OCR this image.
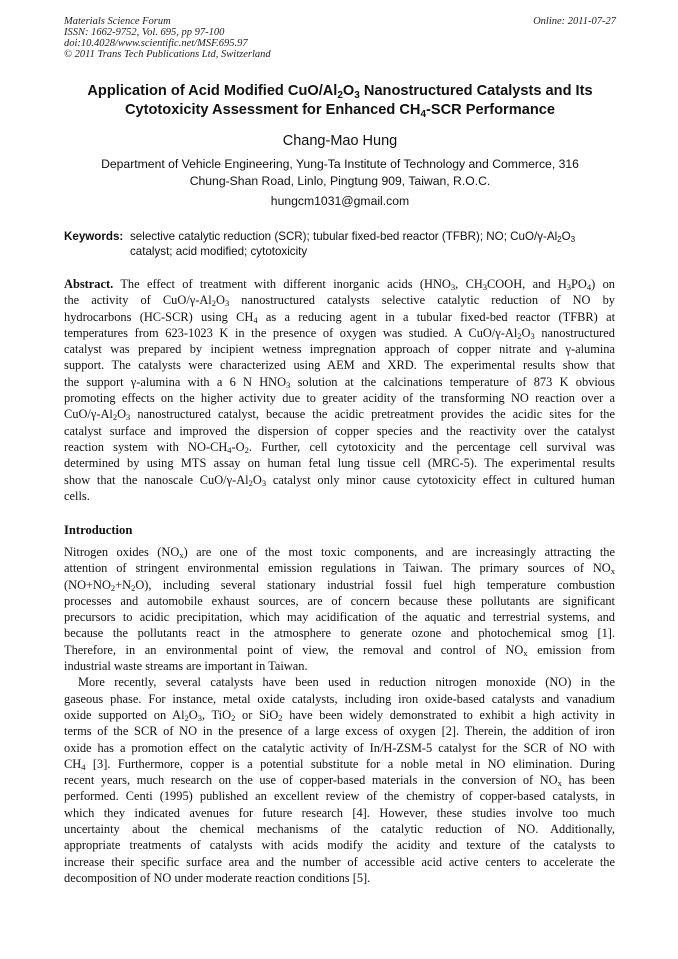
Materials Science Forum
ISSN: 1662-9752, Vol. 695, pp 97-100
doi:10.4028/www.scientific.net/MSF.695.97
© 2011 Trans Tech Publications Ltd, Switzerland
Online: 2011-07-27
Application of Acid Modified CuO/$Al_2O_3$ Nanostructured Catalysts and Its
Cytotoxicity Assessment for Enhanced $CH_4$-SCR Performance
Chang-Mao Hung
Department of Vehicle Engineering, Yung-Ta Institute of Technology and Commerce, 316
Chung-Shan Road, Linlo, Pingtung 909, Taiwan, R.O.C.
hungcm1031@gmail.com
Keywords: selective catalytic reduction (SCR); tubular fixed-bed reactor (TFBR); NO; CuO/$\gamma-Al_2O_3$
catalyst; acid modified; cytotoxicity
Abstract. The effect of treatment with different inorganic acids ($HNO_3$, $CH_3COOH$, and $H_3PO_4$) on
the activity of CuO/$\gamma-Al_2O_3$ nanostructured catalysts selective catalytic reduction of NO by
hydrocarbons (HC-SCR) using $CH_4$ as a reducing agent in a tubular fixed-bed reactor (TFBR) at
temperatures from 623-1023 K in the presence of oxygen was studied. A CuO/$\gamma-Al_2O_3$ nanostructured
catalyst was prepared by incipient wetness impregnation approach of copper nitrate and γ-alumina
support. The catalysts were characterized using AEM and XRD. The experimental results show that
the support γ-alumina with a 6 N $HNO_3$ solution at the calcinations temperature of 873 K obvious
promoting effects on the higher activity due to greater acidity of the transforming NO reaction over a
CuO/$\gamma-Al_2O_3$ nanostructured catalyst, because the acidic pretreatment provides the acidic sites for the
catalyst surface and improved the dispersion of copper species and the reactivity over the catalyst
reaction system with $NO-CH_4-O_2$. Further, cell cytotoxicity and the percentage cell survival was
determined by using MTS assay on human fetal lung tissue cell (MRC-5). The experimental results
show that the nanoscale CuO/$\gamma-Al_2O_3$ catalyst only minor cause cytotoxicity effect in cultured human
cells.
Introduction
Nitrogen oxides $(NO_x)$ are one of the most toxic components, and are increasingly attracting the
attention of stringent environmental emission regulations in Taiwan. The primary sources of $NO_x$
$(NO+NO_2+N_2O)$, including several stationary industrial fossil fuel high temperature combustion
processes and automobile exhaust sources, are of concern because these pollutants are significant
precursors to acidic precipitation, which may acidification of the aquatic and terrestrial systems, and
because the pollutants react in the atmosphere to generate ozone and photochemical smog [1].
Therefore, in an environmental point of view, the removal and control of $NO_x$ emission from
industrial waste streams are important in Taiwan.
More recently, several catalysts have been used in reduction nitrogen monoxide (NO) in the
gaseous phase. For instance, metal oxide catalysts, including iron oxide-based catalysts and vanadium
oxide supported on $Al_2O_3$, TiO$_2$ or SiO$_2$ have been widely demonstrated to exhibit a high activity in
terms of the SCR of NO in the presence of a large excess of oxygen [2]. Therein, the addition of iron
oxide has a promotion effect on the catalytic activity of In/H-ZSM-5 catalyst for the SCR of NO with
$CH_4$ [3]. Furthermore, copper is a potential substitute for a noble metal in NO elimination. During
recent years, much research on the use of copper-based materials in the conversion of $NO_x$ has been
performed. Centi (1995) published an excellent review of the chemistry of copper-based catalysts, in
which they indicated avenues for future research [4]. However, these studies involve too much
uncertainty about the chemical mechanisms of the catalytic reduction of NO. Additionally,
appropriate treatments of catalysts with acids modify the acidity and texture of the catalysts to
increase their specific surface area and the number of accessible acid active centers to accelerate the
decomposition of NO under moderate reaction conditions [5].
